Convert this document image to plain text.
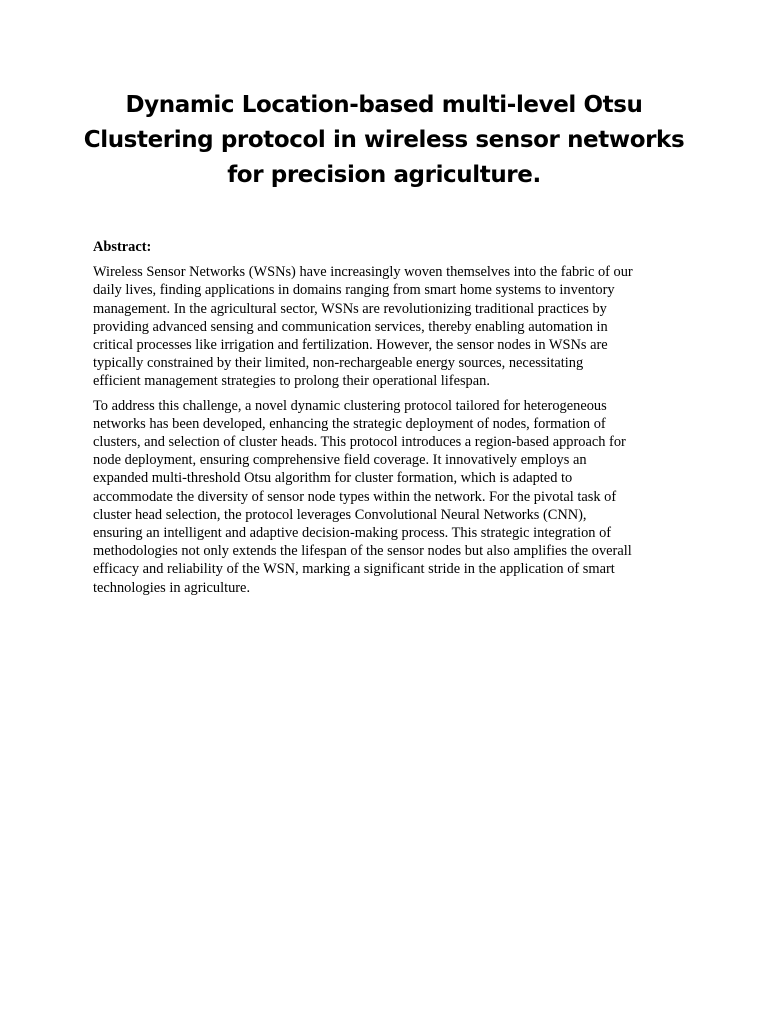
Dynamic Location-based multi-level Otsu
Clustering protocol in wireless sensor networks
for precision agriculture.

Abstract:

Wireless Sensor Networks (WSNs) have increasingly woven themselves into the fabric of our
daily lives, finding applications in domains ranging from smart home systems to inventory
management. In the agricultural sector, WSNs are revolutionizing traditional practices by
providing advanced sensing and communication services, thereby enabling automation in
critical processes like irrigation and fertilization. However, the sensor nodes in WSNs are
typically constrained by their limited, non-rechargeable energy sources, necessitating
efficient management strategies to prolong their operational lifespan.

To address this challenge, a novel dynamic clustering protocol tailored for heterogeneous
networks has been developed, enhancing the strategic deployment of nodes, formation of
clusters, and selection of cluster heads. This protocol introduces a region-based approach for
node deployment, ensuring comprehensive field coverage. It innovatively employs an
expanded multi-threshold Otsu algorithm for cluster formation, which is adapted to
accommodate the diversity of sensor node types within the network. For the pivotal task of
cluster head selection, the protocol leverages Convolutional Neural Networks (CNN),
ensuring an intelligent and adaptive decision-making process. This strategic integration of
methodologies not only extends the lifespan of the sensor nodes but also amplifies the overall
efficacy and reliability of the WSN, marking a significant stride in the application of smart
technologies in agriculture.
